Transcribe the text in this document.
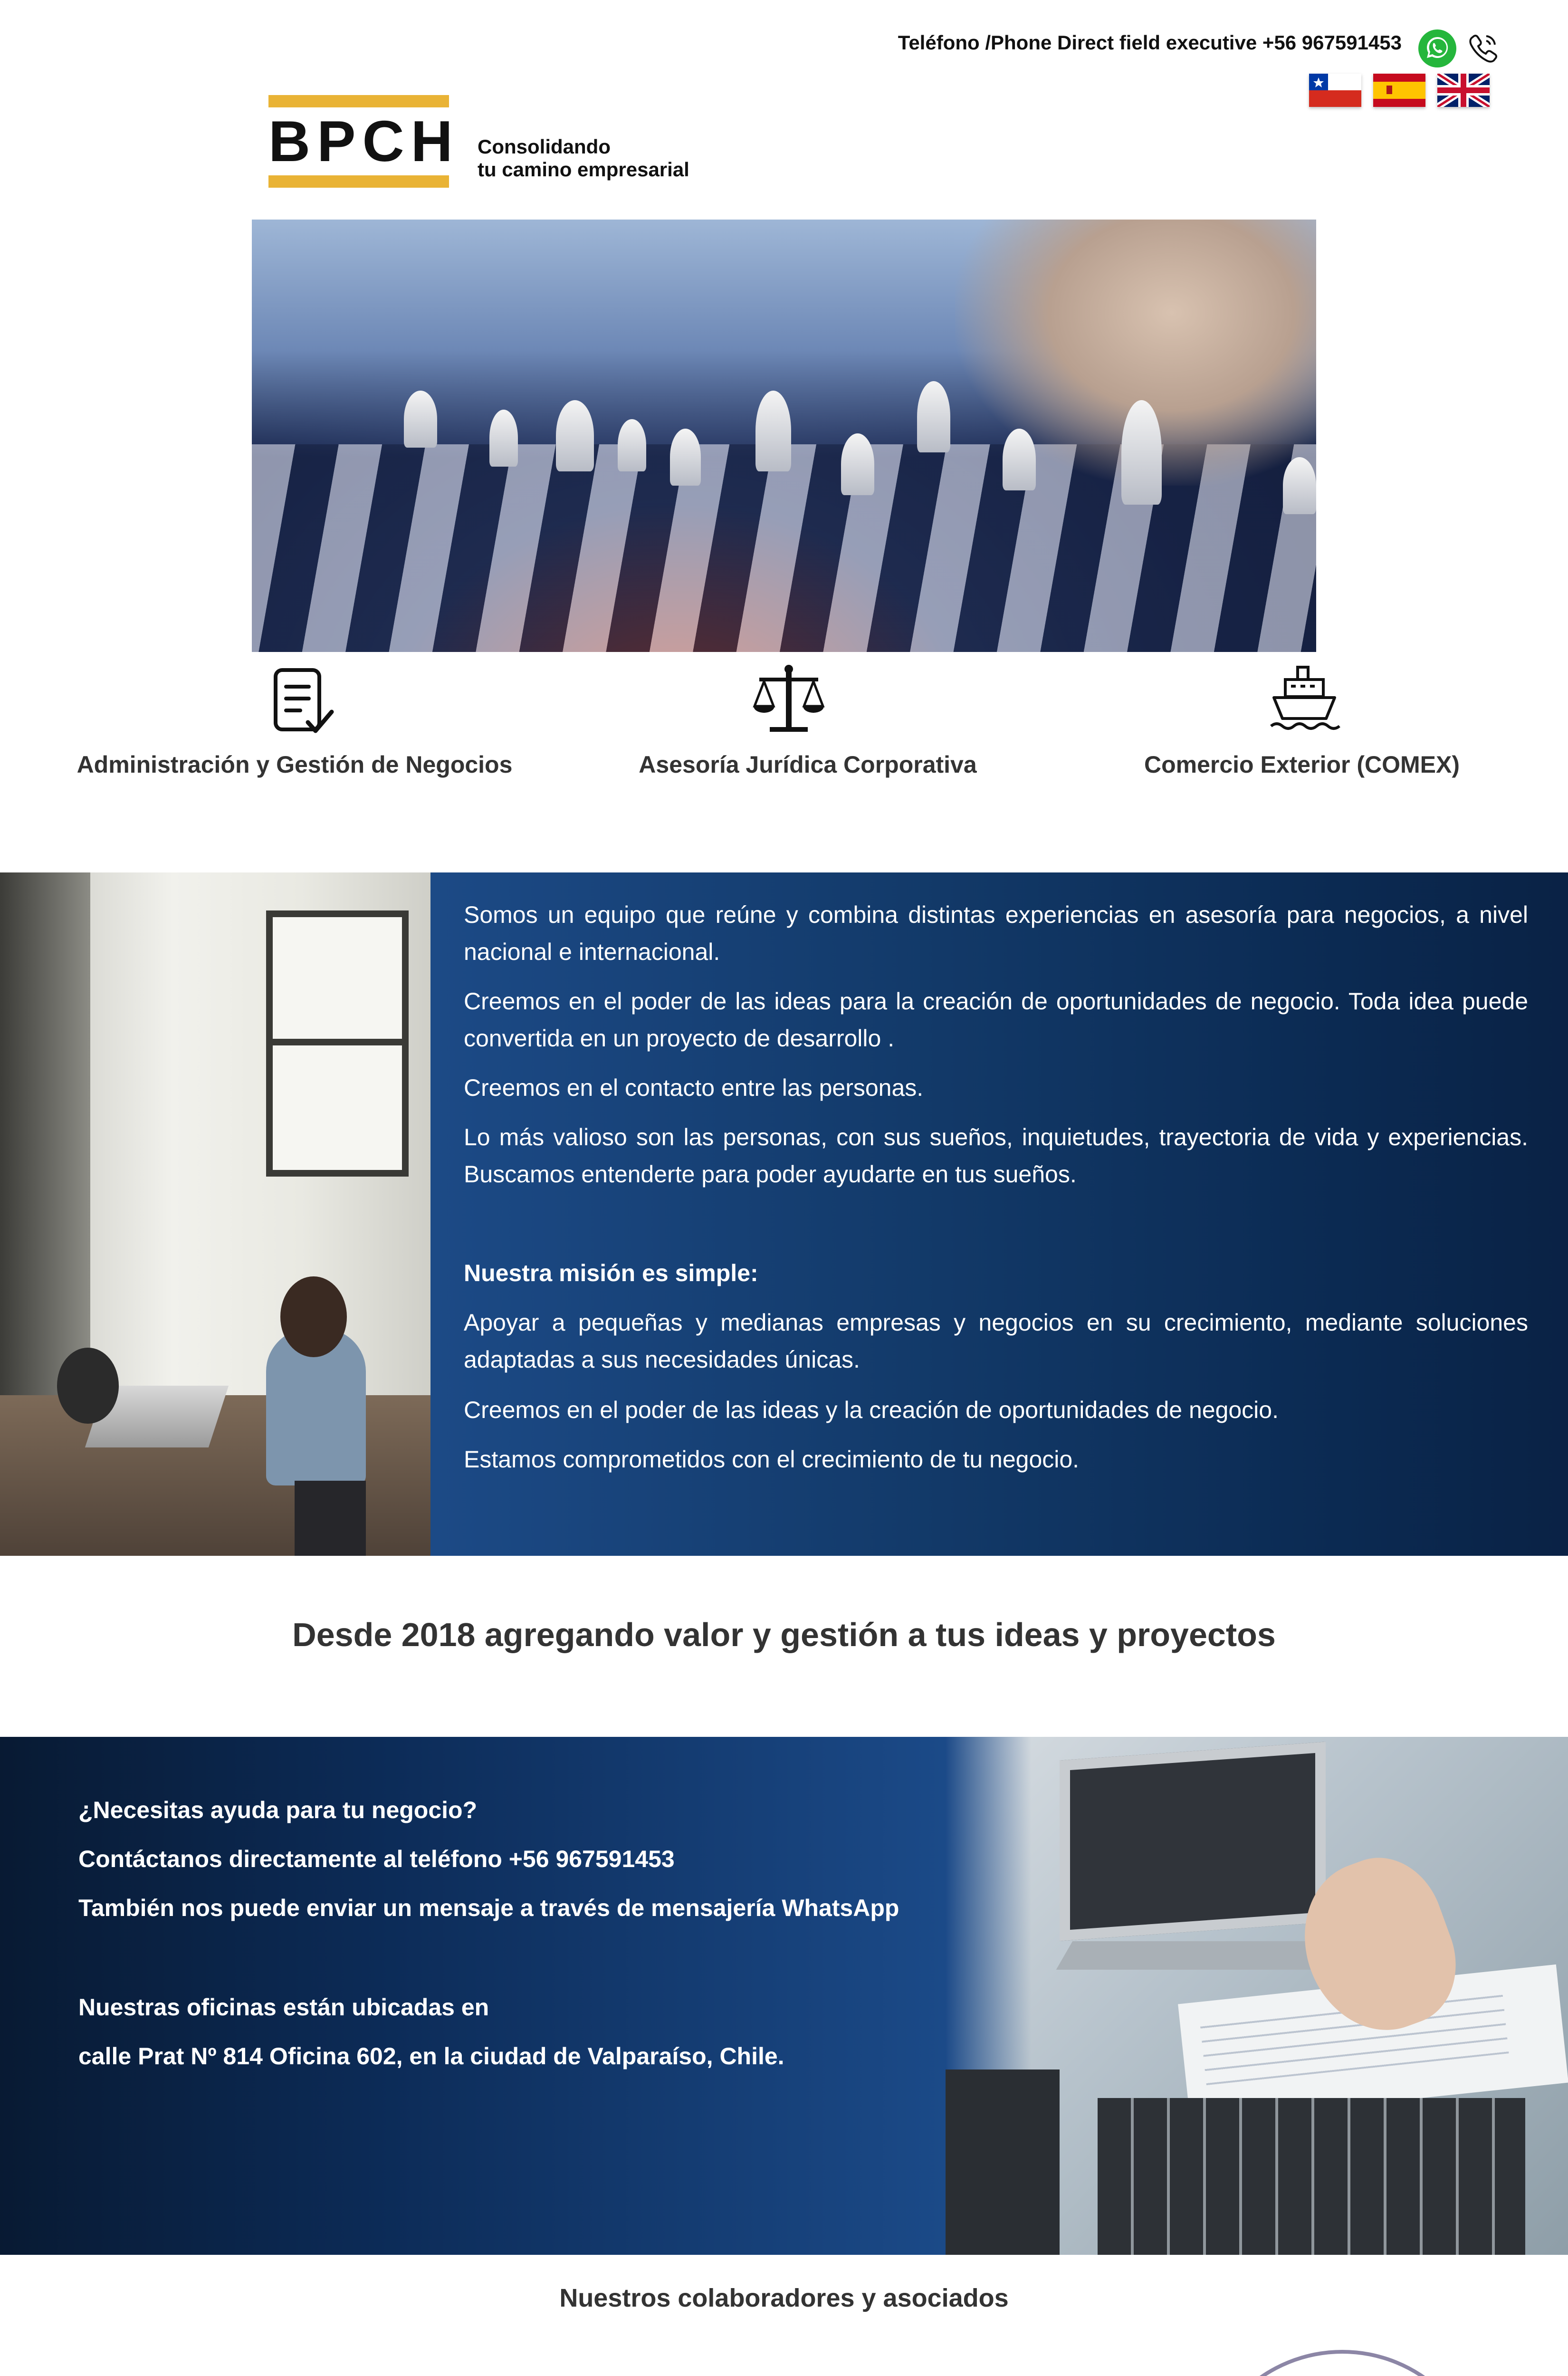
Teléfono /Phone Direct field executive +56 967591453
BPCH Consolidando
tu camino empresarial
Administración y Gestión de Negocios	Asesoría Jurídica Corporativa	Comercio Exterior (COMEX)

Somos un equipo que reúne y combina distintas experiencias en asesoría para negocios, a nivel nacional e internacional.

Creemos en el poder de las ideas para la creación de oportunidades de negocio. Toda idea puede convertida en un proyecto de desarrollo .

Creemos en el contacto entre las personas.

Lo más valioso son las personas, con sus sueños, inquietudes, trayectoria de vida y experiencias. Buscamos entenderte para poder ayudarte en tus sueños.

Nuestra misión es simple:

Apoyar a pequeñas y medianas empresas y negocios en su crecimiento, mediante soluciones adaptadas a sus necesidades únicas.

Creemos en el poder de las ideas y la creación de oportunidades de negocio.

Estamos comprometidos con el crecimiento de tu negocio.

Desde 2018 agregando valor y gestión a tus ideas y proyectos
¿Necesitas ayuda para tu negocio?
Contáctanos directamente al teléfono +56 967591453
También nos puede enviar un mensaje a través de mensajería WhatsApp
Nuestras oficinas están ubicadas en
calle Prat Nº 814 Oficina 602, en la ciudad de Valparaíso, Chile.
Nuestros colaboradores y asociados
